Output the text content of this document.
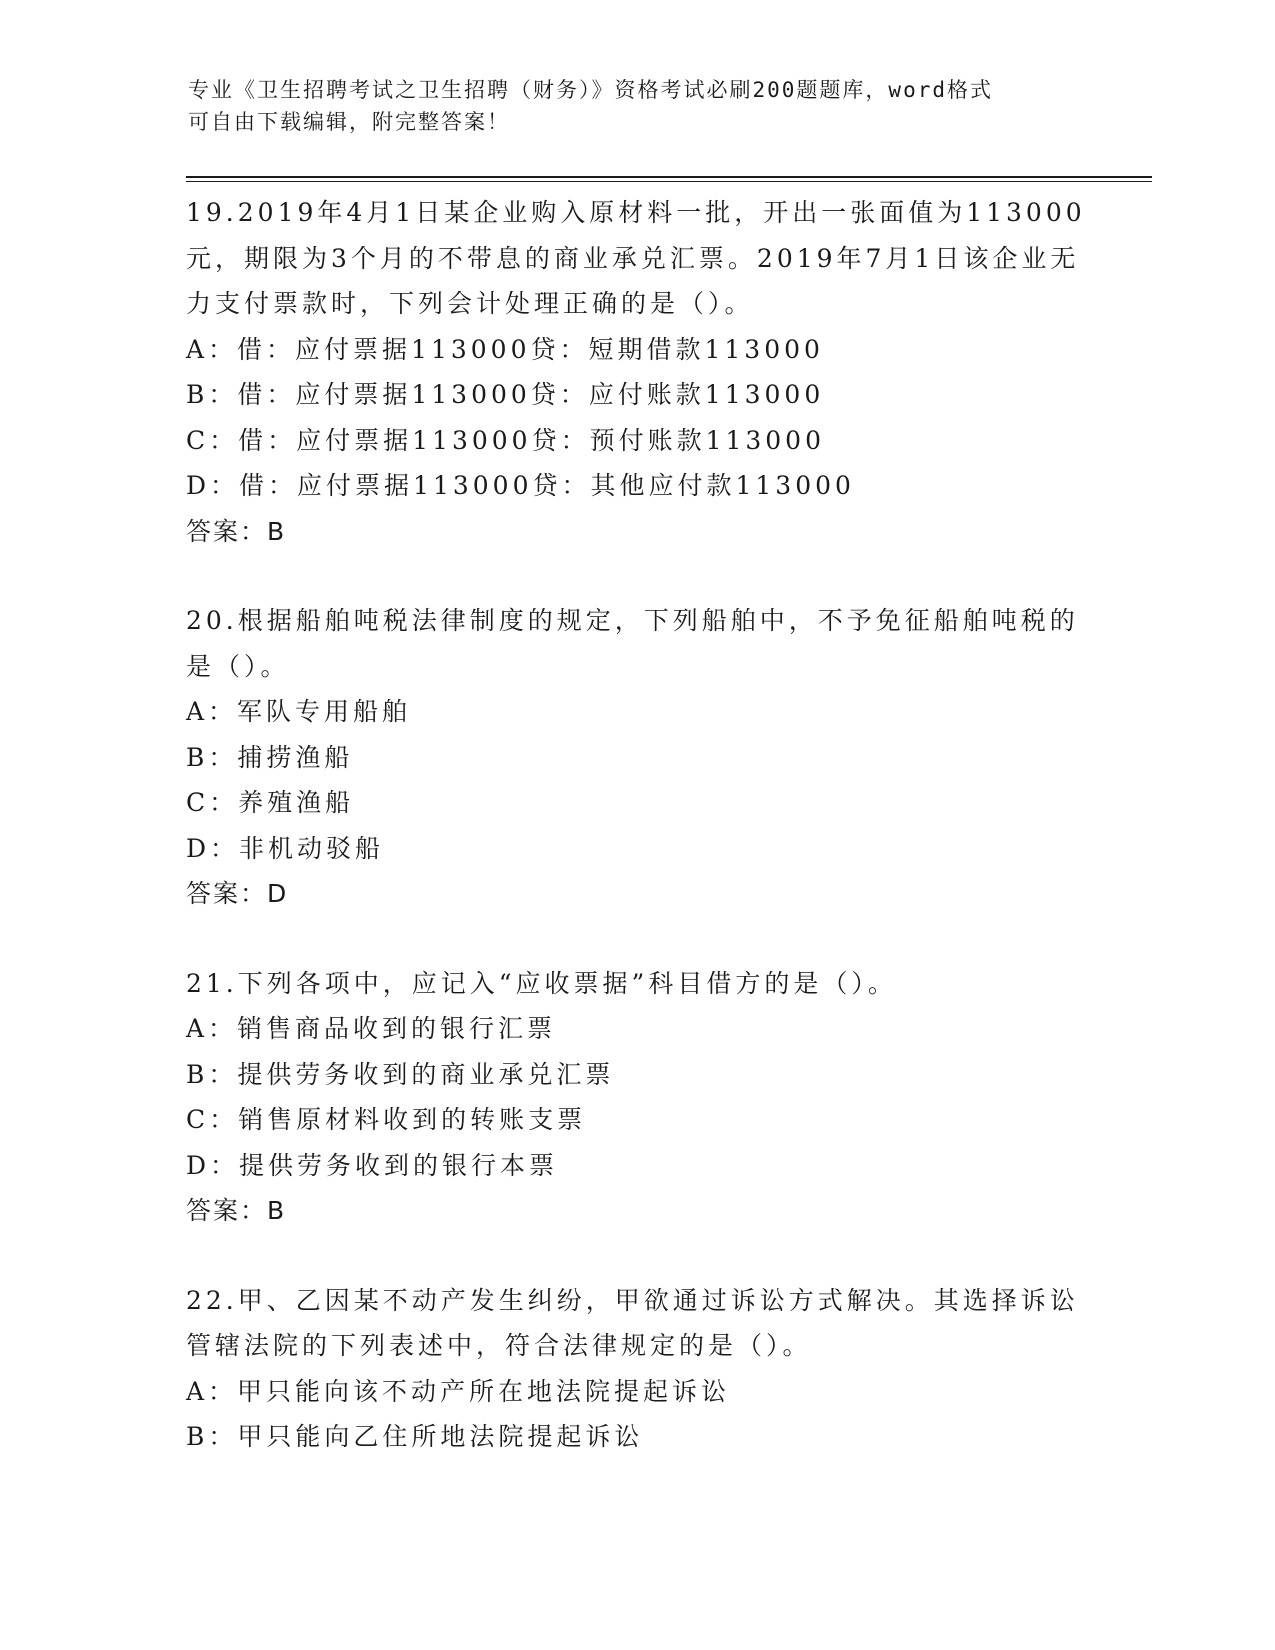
专业《卫生招聘考试之卫生招聘（财务）》资格考试必刷200题题库，word格式
可自由下载编辑，附完整答案！
19.2019年4月1日某企业购入原材料一批，开出一张面值为113000元，期限为3个月的不带息的商业承兑汇票。2019年7月1日该企业无力支付票款时，下列会计处理正确的是（）。
A：借：应付票据113000贷：短期借款113000
B：借：应付票据113000贷：应付账款113000
C：借：应付票据113000贷：预付账款113000
D：借：应付票据113000贷：其他应付款113000
答案：B
20.根据船舶吨税法律制度的规定，下列船舶中，不予免征船舶吨税的是（）。
A：军队专用船舶
B：捕捞渔船
C：养殖渔船
D：非机动驳船
答案：D
21.下列各项中，应记入“应收票据”科目借方的是（）。
A：销售商品收到的银行汇票
B：提供劳务收到的商业承兑汇票
C：销售原材料收到的转账支票
D：提供劳务收到的银行本票
答案：B
22.甲、乙因某不动产发生纠纷，甲欲通过诉讼方式解决。其选择诉讼管辖法院的下列表述中，符合法律规定的是（）。
A：甲只能向该不动产所在地法院提起诉讼
B：甲只能向乙住所地法院提起诉讼
